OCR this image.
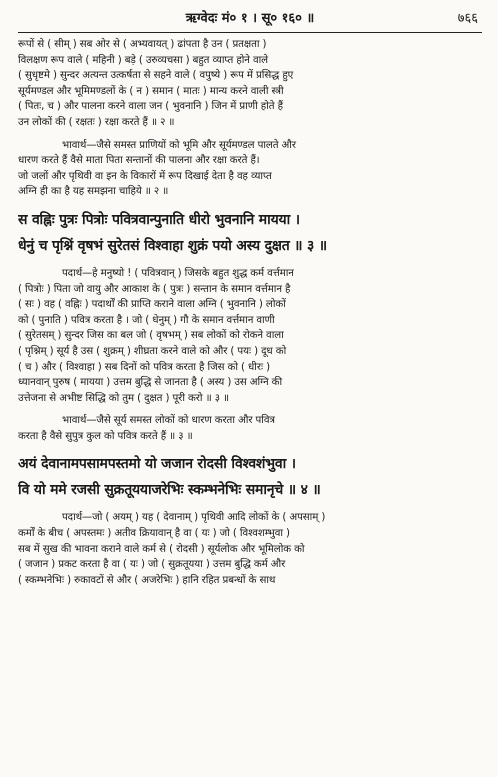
ऋग्वेदः मं० १ । सू० १६० ॥	७६६
रूपों से ( सीम् ) सब ओर से ( अभ्यवायत् ) ढांपता है उन ( प्रतक्षता )
विलक्षण रूप वाले ( महिनी ) बड़े ( उरुव्यचसा ) बहुत व्याप्त होने वाले
( सुधृष्टमे ) सुन्दर अत्यन्त उत्कर्षता से सहने वाले ( वपुष्ये ) रूप में प्रसिद्ध हुए
सूर्यमण्डल और भूमिमण्डलों के ( न ) समान ( मातः ) मान्य करने वाली स्त्री
( पितः, च ) और पालना करने वाला जन ( भुवनानि ) जिन में प्राणी होते हैं
उन लोकों की ( रक्षतः ) रक्षा करते हैं ॥ २ ॥
भावार्थ—जैसे समस्त प्राणियों को भूमि और सूर्यमण्डल पालते और
धारण करते हैं वैसे माता पिता सन्तानों की पालना और रक्षा करते हैं।
जो जलों और पृथिवी वा इन के विकारों में रूप दिखाई देता है वह व्याप्त
अग्नि ही का है यह समझना चाहिये ॥ २ ॥
स वह्निः पुत्रः पित्रोः पवित्रवान्पुनाति धीरो भुवनानि मायया ।
धेनुं च पृश्निं वृषभं सुरेतसं विश्वाहा शुक्रं पयो अस्य दुक्षत ॥ ३ ॥
पदार्थ—हे मनुष्यो ! ( पवित्रवान् ) जिसके बहुत शुद्ध कर्म वर्त्तमान
( पित्रोः ) पिता जो वायु और आकाश के ( पुत्रः ) सन्तान के समान वर्त्तमान है
( सः ) वह ( वह्निः ) पदार्थों की प्राप्ति कराने वाला अग्नि ( भुवनानि ) लोकों
को ( पुनाति ) पवित्र करता है । जो ( धेनुम् ) गौ के समान वर्त्तमान वाणी
( सुरेतसम् ) सुन्दर जिस का बल जो ( वृषभम् ) सब लोकों को रोकने वाला
( पृश्निम् ) सूर्य है उस ( शुक्रम् ) शीघ्रता करने वाले को और ( पयः ) दूध को
( च ) और ( विश्वाहा ) सब दिनों को पवित्र करता है जिस को ( धीरः )
ध्यानवान् पुरुष ( मायया ) उत्तम बुद्धि से जानता है ( अस्य ) उस अग्नि की
उत्तेजना से अभीष्ट सिद्धि को तुम ( दुक्षत ) पूरी करो ॥ ३ ॥
भावार्थ—जैसे सूर्य समस्त लोकों को धारण करता और पवित्र
करता है वैसे सुपुत्र कुल को पवित्र करते हैं ॥ ३ ॥
अयं देवानामपसामपस्तमो यो जजान रोदसी विश्वशंभुवा ।
वि यो ममे रजसी सुक्रतूययाजरेभिः स्कम्भनेभिः समानृचे ॥ ४ ॥
पदार्थ—जो ( अयम् ) यह ( देवानाम् ) पृथिवी आदि लोकों के ( अपसाम् )
कर्मों के बीच ( अपस्तमः ) अतीव क्रियावान् है वा ( यः ) जो ( विश्वशम्भुवा )
सब में सुख की भावना कराने वाले कर्म से ( रोदसी ) सूर्यलोक और भूमिलोक को
( जजान ) प्रकट करता है वा ( यः ) जो ( सुक्रतूयया ) उत्तम बुद्धि कर्म और
( स्कम्भनेभिः ) रुकावटों से और ( अजरेभिः ) हानि रहित प्रबन्धों के साथ
